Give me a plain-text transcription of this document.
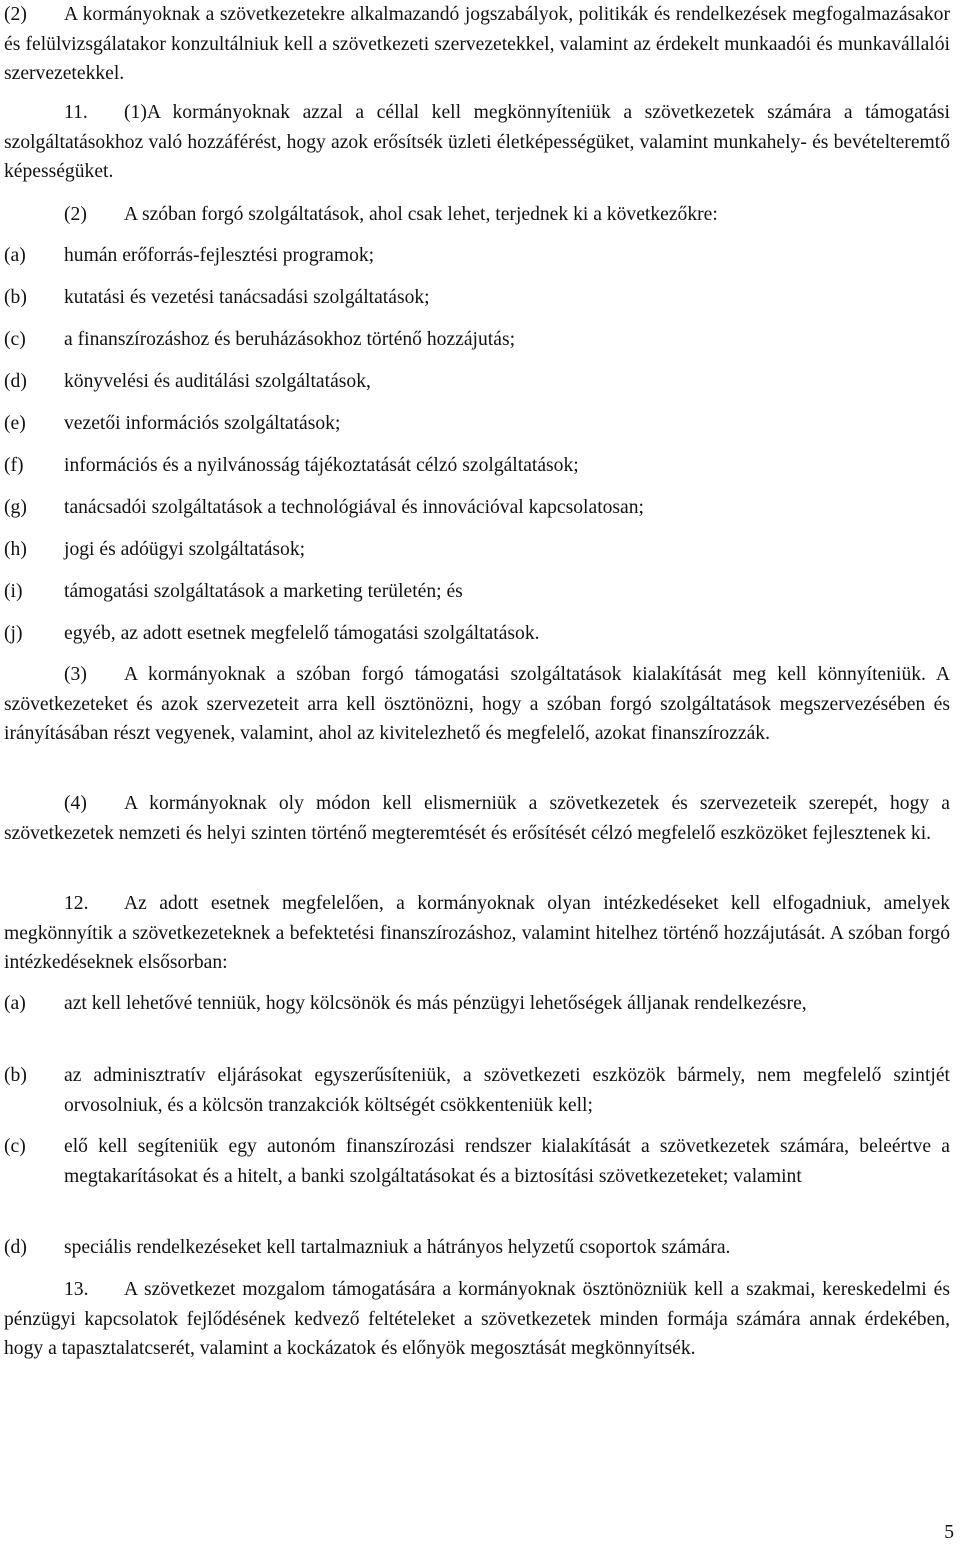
(2) A kormányoknak a szövetkezetekre alkalmazandó jogszabályok, politikák és rendelkezések megfogalmazásakor és felülvizsgálatakor konzultálniuk kell a szövetkezeti szervezetekkel, valamint az érdekelt munkaadói és munkavállalói szervezetekkel.

11. (1)A kormányoknak azzal a céllal kell megkönnyíteniük a szövetkezetek számára a támogatási szolgáltatásokhoz való hozzáférést, hogy azok erősítsék üzleti életképességüket, valamint munkahely- és bevételteremtő képességüket.

(2) A szóban forgó szolgáltatások, ahol csak lehet, terjednek ki a következőkre:

(a)	humán erőforrás-fejlesztési programok;
(b)	kutatási és vezetési tanácsadási szolgáltatások;
(c)	a finanszírozáshoz és beruházásokhoz történő hozzájutás;
(d)	könyvelési és auditálási szolgáltatások,
(e)	vezetői információs szolgáltatások;
(f)	információs és a nyilvánosság tájékoztatását célzó szolgáltatások;
(g)	tanácsadói szolgáltatások a technológiával és innovációval kapcsolatosan;
(h)	jogi és adóügyi szolgáltatások;
(i)	támogatási szolgáltatások a marketing területén; és
(j)	egyéb, az adott esetnek megfelelő támogatási szolgáltatások.

(3) A kormányoknak a szóban forgó támogatási szolgáltatások kialakítását meg kell könnyíteniük. A szövetkezeteket és azok szervezeteit arra kell ösztönözni, hogy a szóban forgó szolgáltatások megszervezésében és irányításában részt vegyenek, valamint, ahol az kivitelezhető és megfelelő, azokat finanszírozzák.

(4) A kormányoknak oly módon kell elismerniük a szövetkezetek és szervezeteik szerepét, hogy a szövetkezetek nemzeti és helyi szinten történő megteremtését és erősítését célzó megfelelő eszközöket fejlesztenek ki.

12. Az adott esetnek megfelelően, a kormányoknak olyan intézkedéseket kell elfogadniuk, amelyek megkönnyítik a szövetkezeteknek a befektetési finanszírozáshoz, valamint hitelhez történő hozzájutását. A szóban forgó intézkedéseknek elsősorban:

(a)	azt kell lehetővé tenniük, hogy kölcsönök és más pénzügyi lehetőségek álljanak rendelkezésre,
(b)	az adminisztratív eljárásokat egyszerűsíteniük, a szövetkezeti eszközök bármely, nem megfelelő szintjét orvosolniuk, és a kölcsön tranzakciók költségét csökkenteniük kell;
(c)	elő kell segíteniük egy autonóm finanszírozási rendszer kialakítását a szövetkezetek számára, beleértve a megtakarításokat és a hitelt, a banki szolgáltatásokat és a biztosítási szövetkezeteket; valamint
(d)	speciális rendelkezéseket kell tartalmazniuk a hátrányos helyzetű csoportok számára.

13. A szövetkezet mozgalom támogatására a kormányoknak ösztönözniük kell a szakmai, kereskedelmi és pénzügyi kapcsolatok fejlődésének kedvező feltételeket a szövetkezetek minden formája számára annak érdekében, hogy a tapasztalatcserét, valamint a kockázatok és előnyök megosztását megkönnyítsék.

5
